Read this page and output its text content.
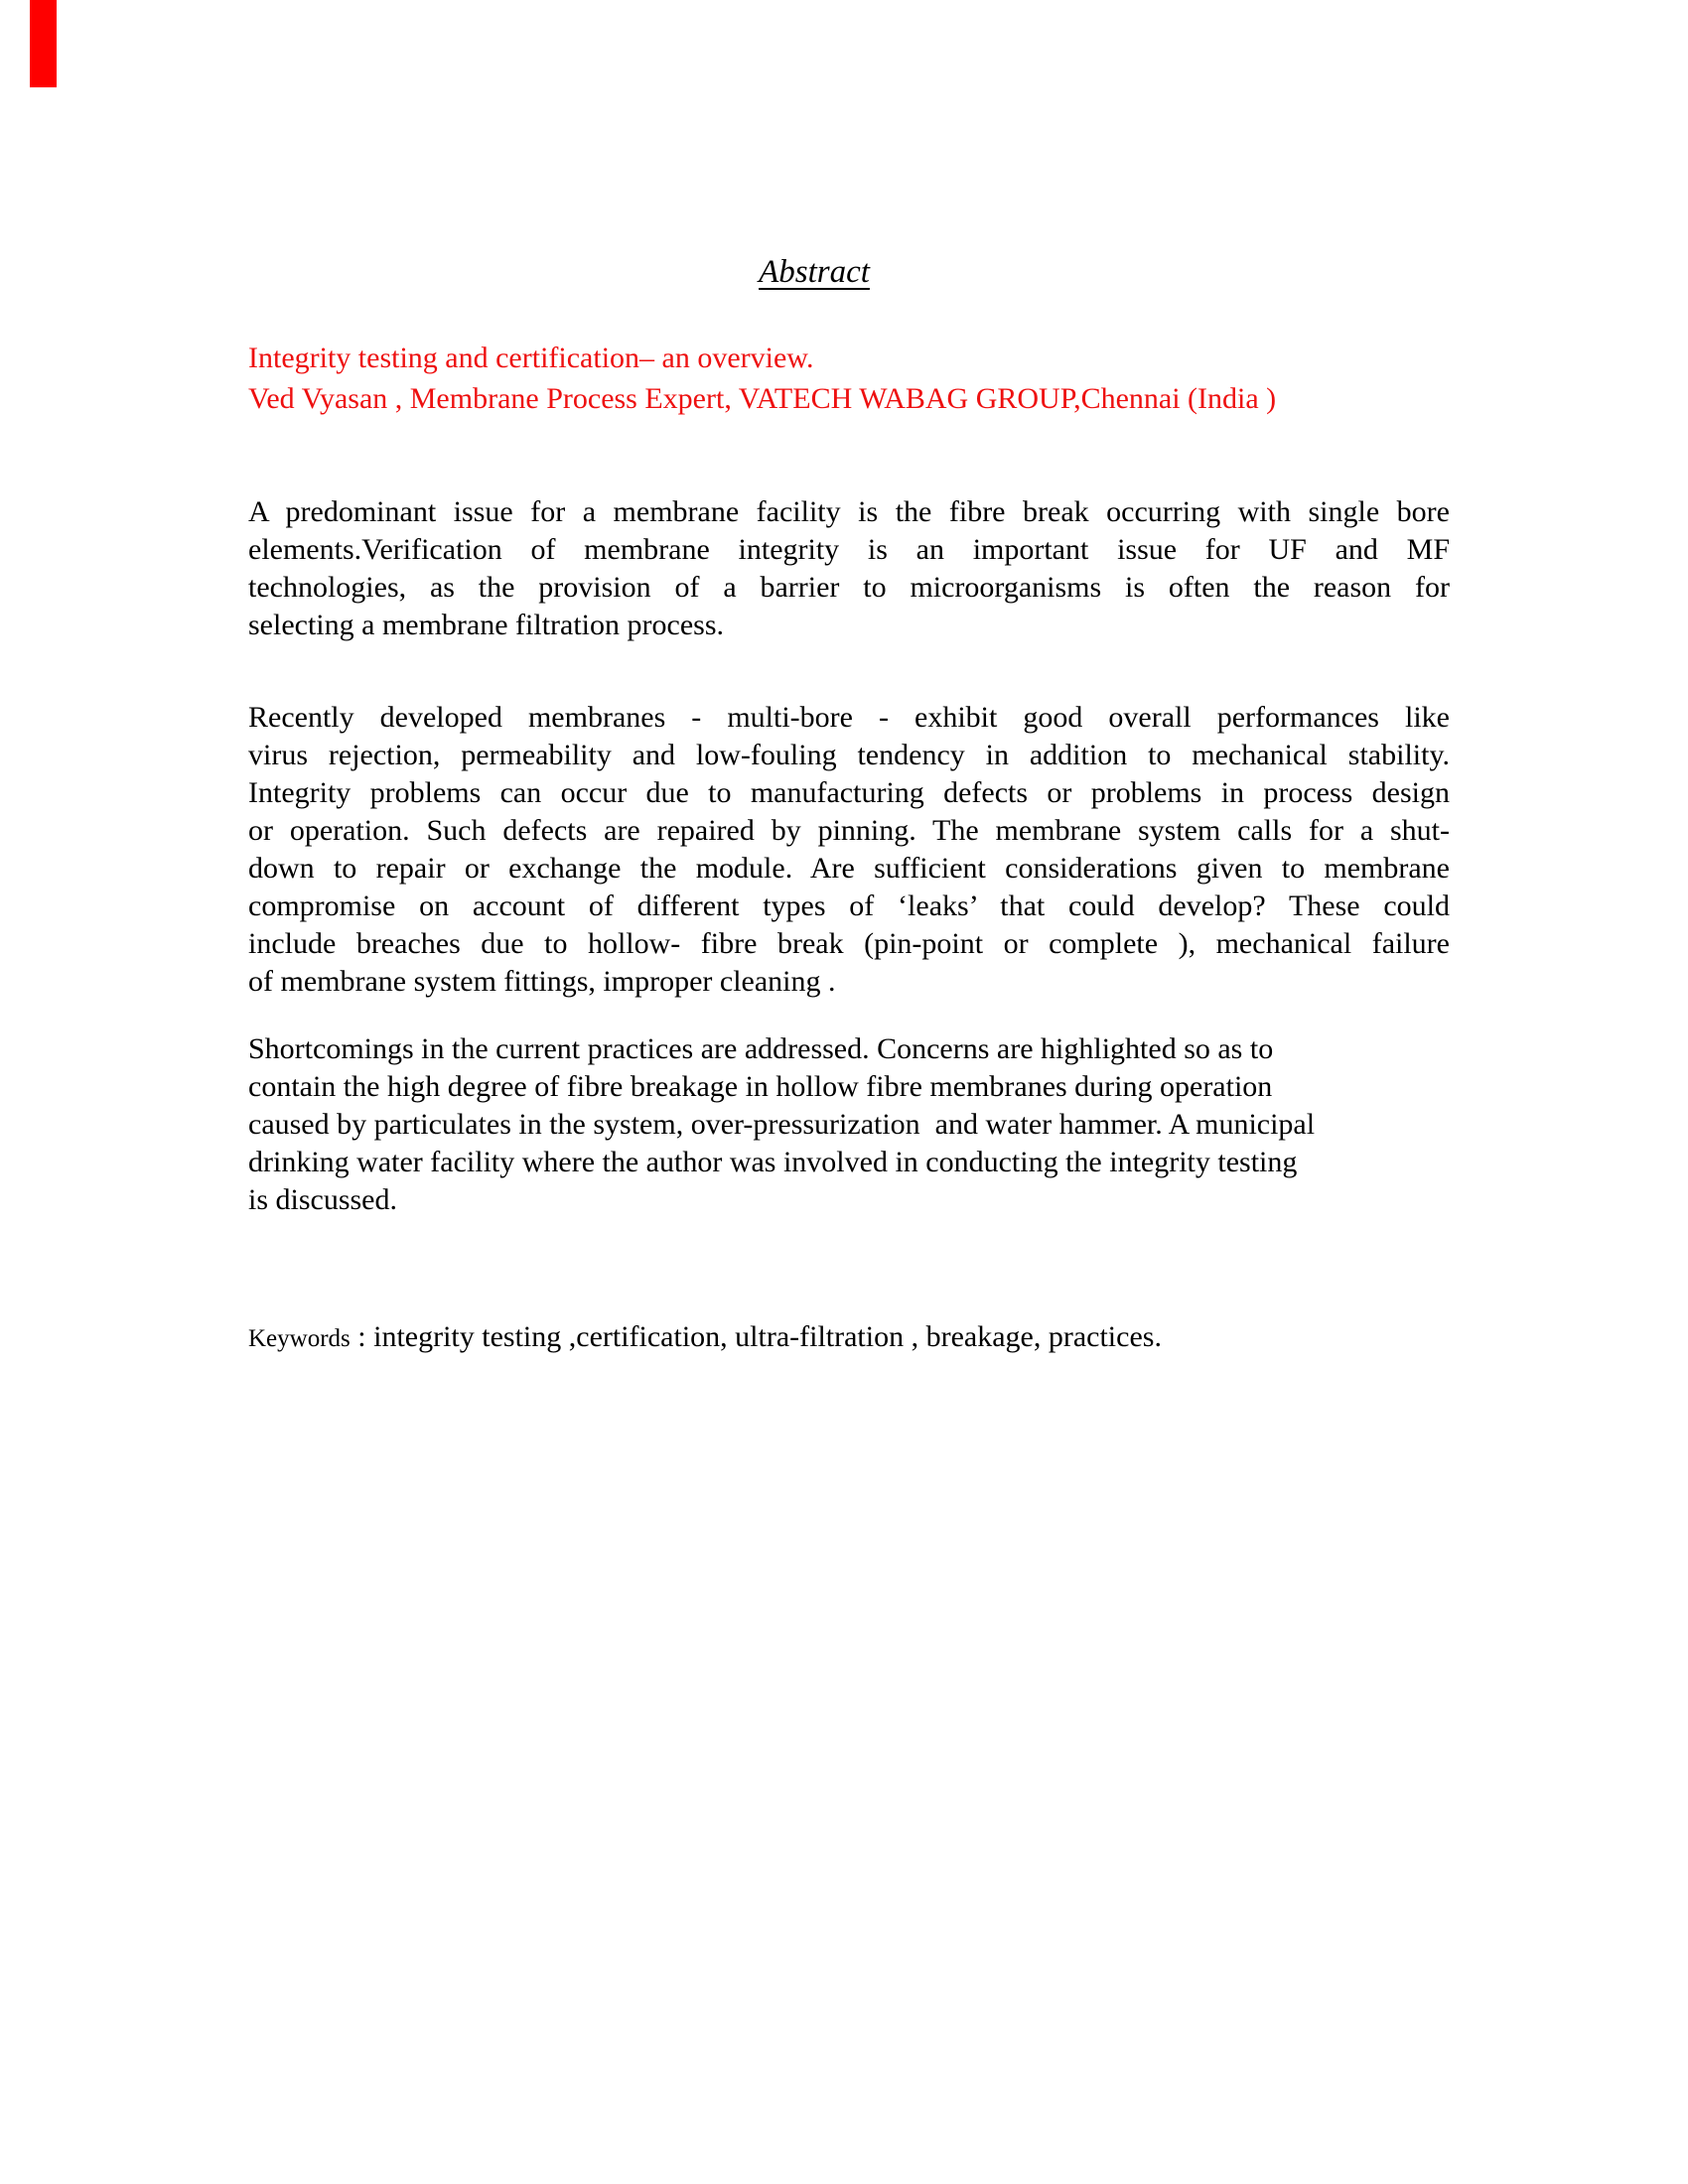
Abstract
Integrity testing and certification– an overview.
Ved Vyasan , Membrane Process Expert, VATECH WABAG GROUP,Chennai (India )
A predominant issue for a membrane facility is the fibre break occurring with single bore
elements.Verification of membrane integrity is an important issue for UF and MF
technologies, as the provision of a barrier to microorganisms is often the reason for
selecting a membrane filtration process.
Recently developed membranes - multi-bore - exhibit good overall performances like
virus rejection, permeability and low-fouling tendency in addition to mechanical stability.
Integrity problems can occur due to manufacturing defects or problems in process design
or operation. Such defects are repaired by pinning. The membrane system calls for a shut-
down to repair or exchange the module. Are sufficient considerations given to membrane
compromise on account of different types of ‘leaks’ that could develop? These could
include breaches due to hollow- fibre break (pin-point or complete ), mechanical failure
of membrane system fittings, improper cleaning .
Shortcomings in the current practices are addressed. Concerns are highlighted so as to
contain the high degree of fibre breakage in hollow fibre membranes during operation
caused by particulates in the system, over-pressurization  and water hammer. A municipal
drinking water facility where the author was involved in conducting the integrity testing
is discussed.
Keywords : integrity testing ,certification, ultra-filtration , breakage, practices.
